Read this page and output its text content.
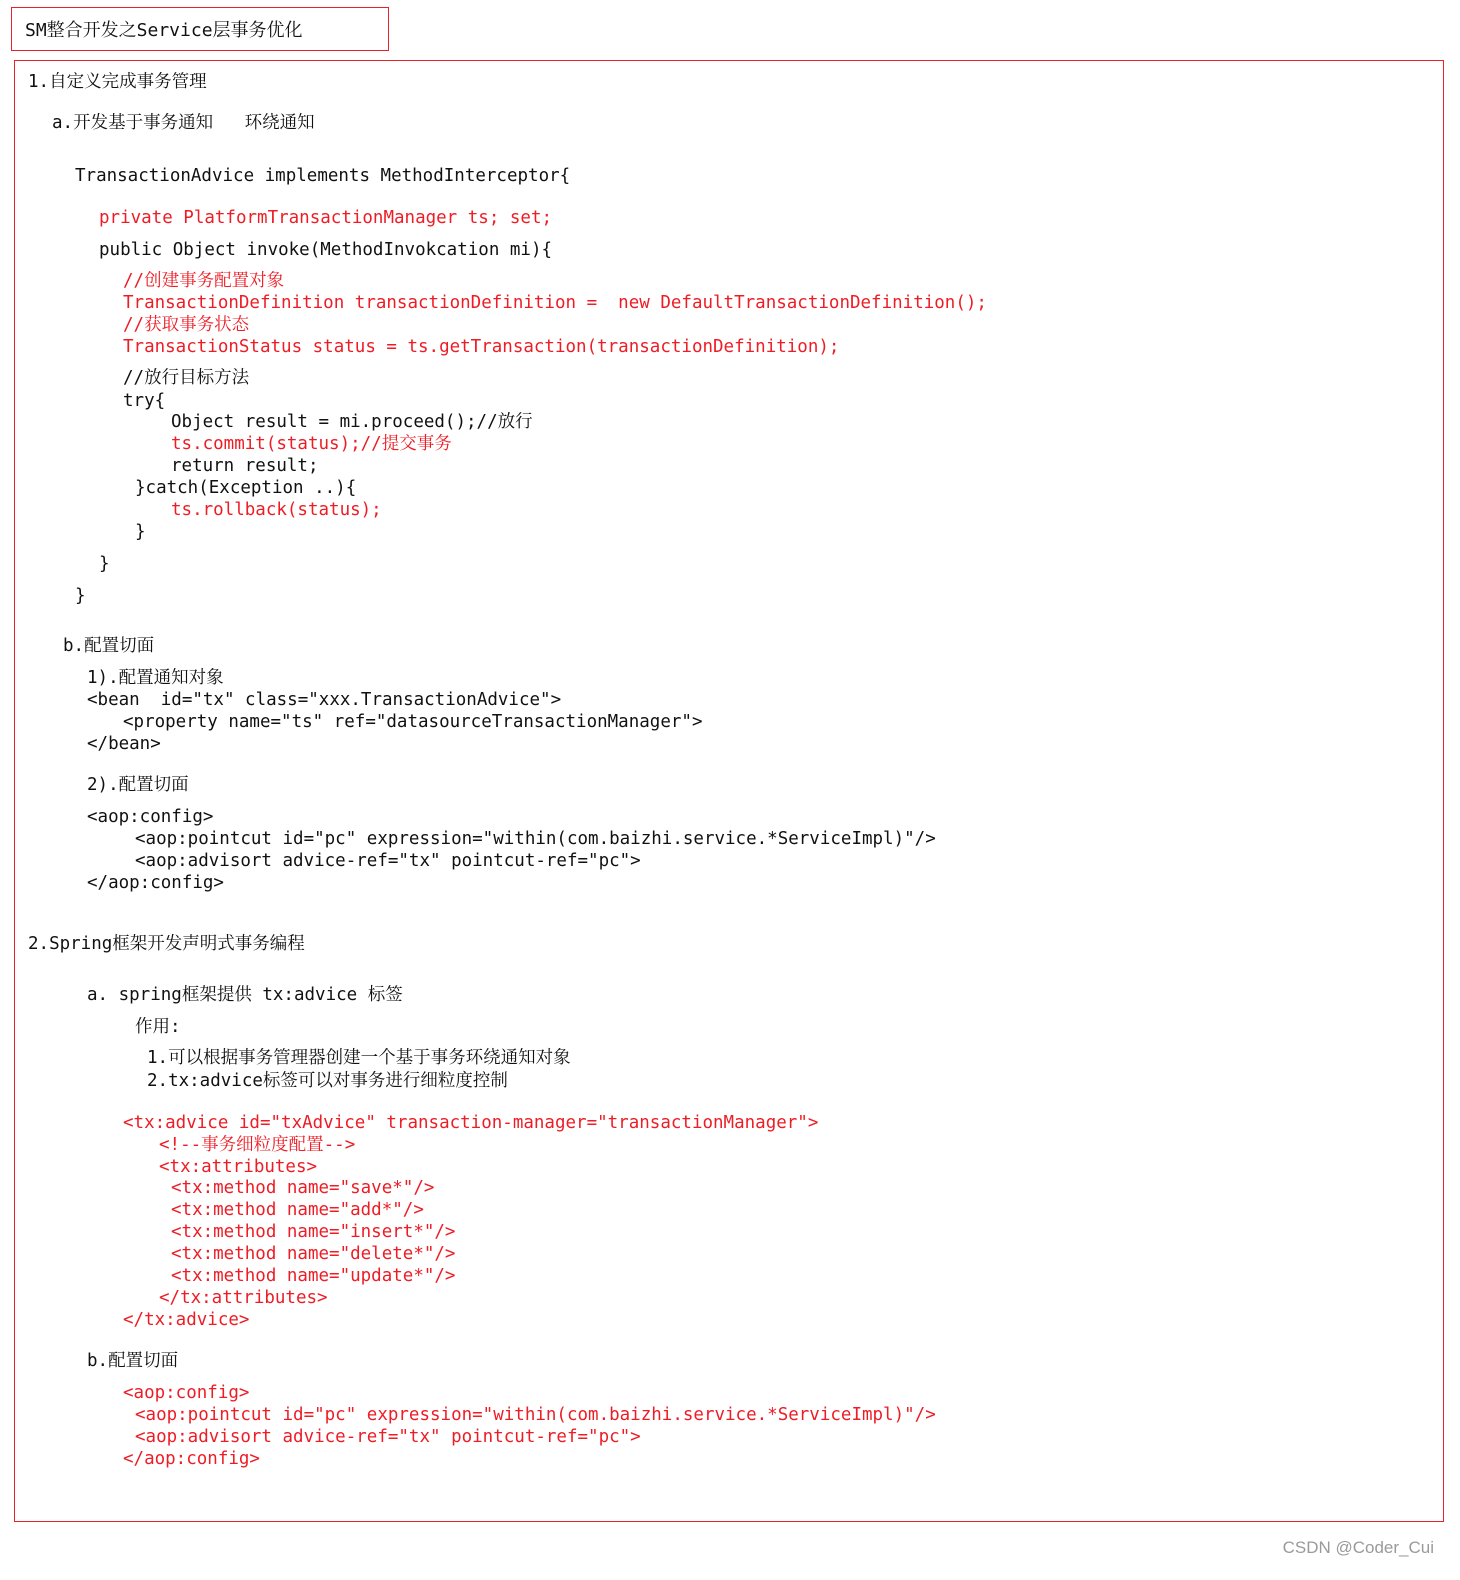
SM整合开发之Service层事务优化
1.自定义完成事务管理
a.开发基于事务通知   环绕通知
TransactionAdvice implements MethodInterceptor{
private PlatformTransactionManager ts; set;
public Object invoke(MethodInvokcation mi){
//创建事务配置对象
TransactionDefinition transactionDefinition =  new DefaultTransactionDefinition();
//获取事务状态
TransactionStatus status = ts.getTransaction(transactionDefinition);
//放行目标方法
try{
Object result = mi.proceed();//放行
ts.commit(status);//提交事务
return result;
}catch(Exception ..){
ts.rollback(status);
}
}
}
b.配置切面
1).配置通知对象
<bean  id="tx" class="xxx.TransactionAdvice">
<property name="ts" ref="datasourceTransactionManager">
</bean>
2).配置切面
<aop:config>
<aop:pointcut id="pc" expression="within(com.baizhi.service.*ServiceImpl)"/>
<aop:advisort advice-ref="tx" pointcut-ref="pc">
</aop:config>
2.Spring框架开发声明式事务编程
a. spring框架提供 tx:advice 标签
作用:
1.可以根据事务管理器创建一个基于事务环绕通知对象
2.tx:advice标签可以对事务进行细粒度控制
<tx:advice id="txAdvice" transaction-manager="transactionManager">
<!--事务细粒度配置-->
<tx:attributes>
<tx:method name="save*"/>
<tx:method name="add*"/>
<tx:method name="insert*"/>
<tx:method name="delete*"/>
<tx:method name="update*"/>
</tx:attributes>
</tx:advice>
b.配置切面
<aop:config>
<aop:pointcut id="pc" expression="within(com.baizhi.service.*ServiceImpl)"/>
<aop:advisort advice-ref="tx" pointcut-ref="pc">
</aop:config>
CSDN @Coder_Cui
